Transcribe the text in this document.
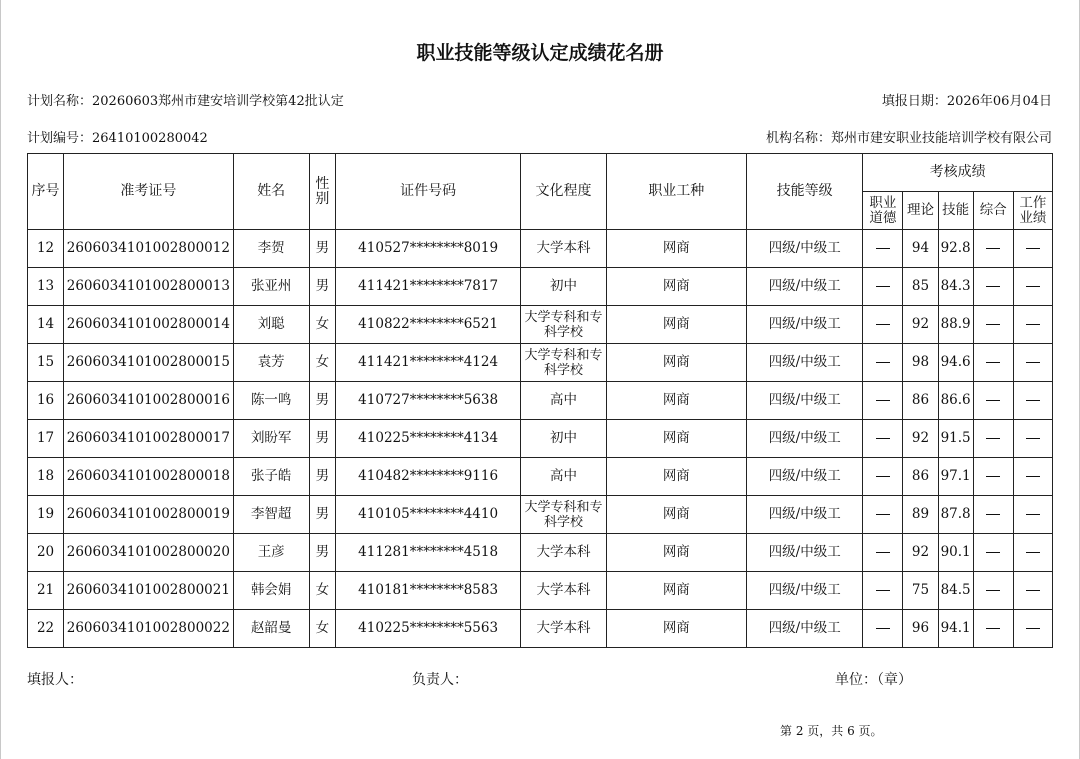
职业技能等级认定成绩花名册
计划名称：20260603郑州市建安培训学校第42批认定	填报日期：2026年06月04日
计划编号：26410100280042	机构名称：郑州市建安职业技能培训学校有限公司
序号	准考证号	姓名	性别	证件号码	文化程度	职业工种	技能等级	考核成绩				
								职业道德	理论	技能	综合	工作业绩
12	2606034101002800012	李贺	男	410527********8019	大学本科	网商	四级/中级工		94	92.8		
13	2606034101002800013	张亚州	男	411421********7817	初中	网商	四级/中级工		85	84.3		
14	2606034101002800014	刘聪	女	410822********6521	大学专科和专科学校	网商	四级/中级工		92	88.9		
15	2606034101002800015	袁芳	女	411421********4124	大学专科和专科学校	网商	四级/中级工		98	94.6		
16	2606034101002800016	陈一鸣	男	410727********5638	高中	网商	四级/中级工		86	86.6		
17	2606034101002800017	刘盼军	男	410225********4134	初中	网商	四级/中级工		92	91.5		
18	2606034101002800018	张子皓	男	410482********9116	高中	网商	四级/中级工		86	97.1		
19	2606034101002800019	李智超	男	410105********4410	大学专科和专科学校	网商	四级/中级工		89	87.8		
20	2606034101002800020	王彦	男	411281********4518	大学本科	网商	四级/中级工		92	90.1		
21	2606034101002800021	韩会娟	女	410181********8583	大学本科	网商	四级/中级工		75	84.5		
22	2606034101002800022	赵韶曼	女	410225********5563	大学本科	网商	四级/中级工		96	94.1		
填报人：	负责人：	单位：（章）
第 2 页，共 6 页。
